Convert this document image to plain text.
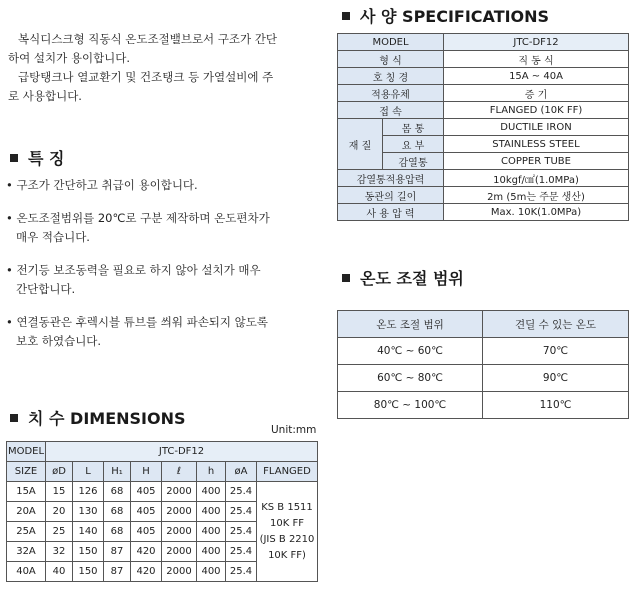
복식디스크형 직동식 온도조절밸브로서 구조가 간단
하여 설치가 용이합니다.
급탕탱크나 열교환기 및 건조탱크 등 가열설비에 주
로 사용합니다.
특 징
• 구조가 간단하고 취급이 용이합니다.
• 온도조절범위를 20℃로 구분 제작하며 온도편차가
매우 적습니다.
• 전기등 보조동력을 필요로 하지 않아 설치가 매우
간단합니다.
• 연결동관은 후렉시블 튜브를 씌워 파손되지 않도록
보호 하였습니다.
치 수 DIMENSIONS
Unit:mm
MODEL	JTC-DF12							
SIZE	øD	L	H₁	H	ℓ	h	øA	FLANGED
15A	15	126	68	405	2000	400	25.4	KS B 1511
10K FF
(JIS B 2210
10K FF)

20A	20	130	68	405	2000	400	25.4	
25A	25	140	68	405	2000	400	25.4	
32A	32	150	87	420	2000	400	25.4	
40A	40	150	87	420	2000	400	25.4	
사 양 SPECIFICATIONS
MODEL		JTC-DF12
형 식		직 동 식
호 칭 경		15A ~ 40A
적용유체		증 기
접 속		FLANGED (10K FF)
재 질	몸 통	DUCTILE IRON
	요 부	STAINLESS STEEL
	감열통	COPPER TUBE
감열통적용압력		10kgf/㎠(1.0MPa)
동관의 길이		2m (5m는 주문 생산)
사 용 압 력		Max. 10K(1.0MPa)
온도 조절 범위
온도 조절 범위	견딜 수 있는 온도
40℃ ~ 60℃	70℃
60℃ ~ 80℃	90℃
80℃ ~ 100℃	110℃
